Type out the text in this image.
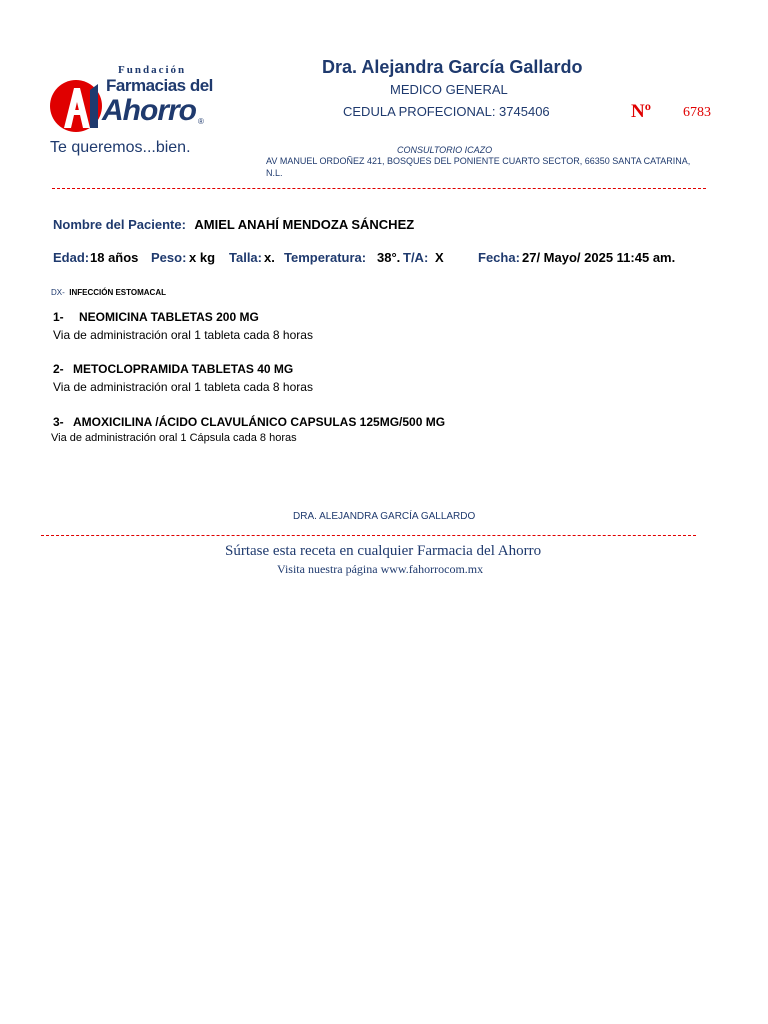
Fundación
Farmacias del
Ahorro ®
Te queremos...bien.
Dra. Alejandra García Gallardo
MEDICO GENERAL
CEDULA PROFECIONAL: 3745406	Nº 6783
CONSULTORIO ICAZO
AV MANUEL ORDOÑEZ 421, BOSQUES DEL PONIENTE CUARTO SECTOR, 66350 SANTA CATARINA,
N.L.
Nombre del Paciente: AMIEL ANAHÍ MENDOZA SÁNCHEZ
Edad: 18 años Peso: x kg Talla: x. Temperatura: 38°. T/A: X	Fecha: 27/ Mayo/ 2025 11:45 am.
DX- INFECCIÓN ESTOMACAL
1- NEOMICINA TABLETAS 200 MG
Via de administración oral 1 tableta cada 8 horas
2- METOCLOPRAMIDA TABLETAS 40 MG
Via de administración oral 1 tableta cada 8 horas
3- AMOXICILINA /ÁCIDO CLAVULÁNICO CAPSULAS 125MG/500 MG
Via de administración oral 1 Cápsula cada 8 horas
DRA. ALEJANDRA GARCÍA GALLARDO
Súrtase esta receta en cualquier Farmacia del Ahorro
Visita nuestra página www.fahorrocom.mx
